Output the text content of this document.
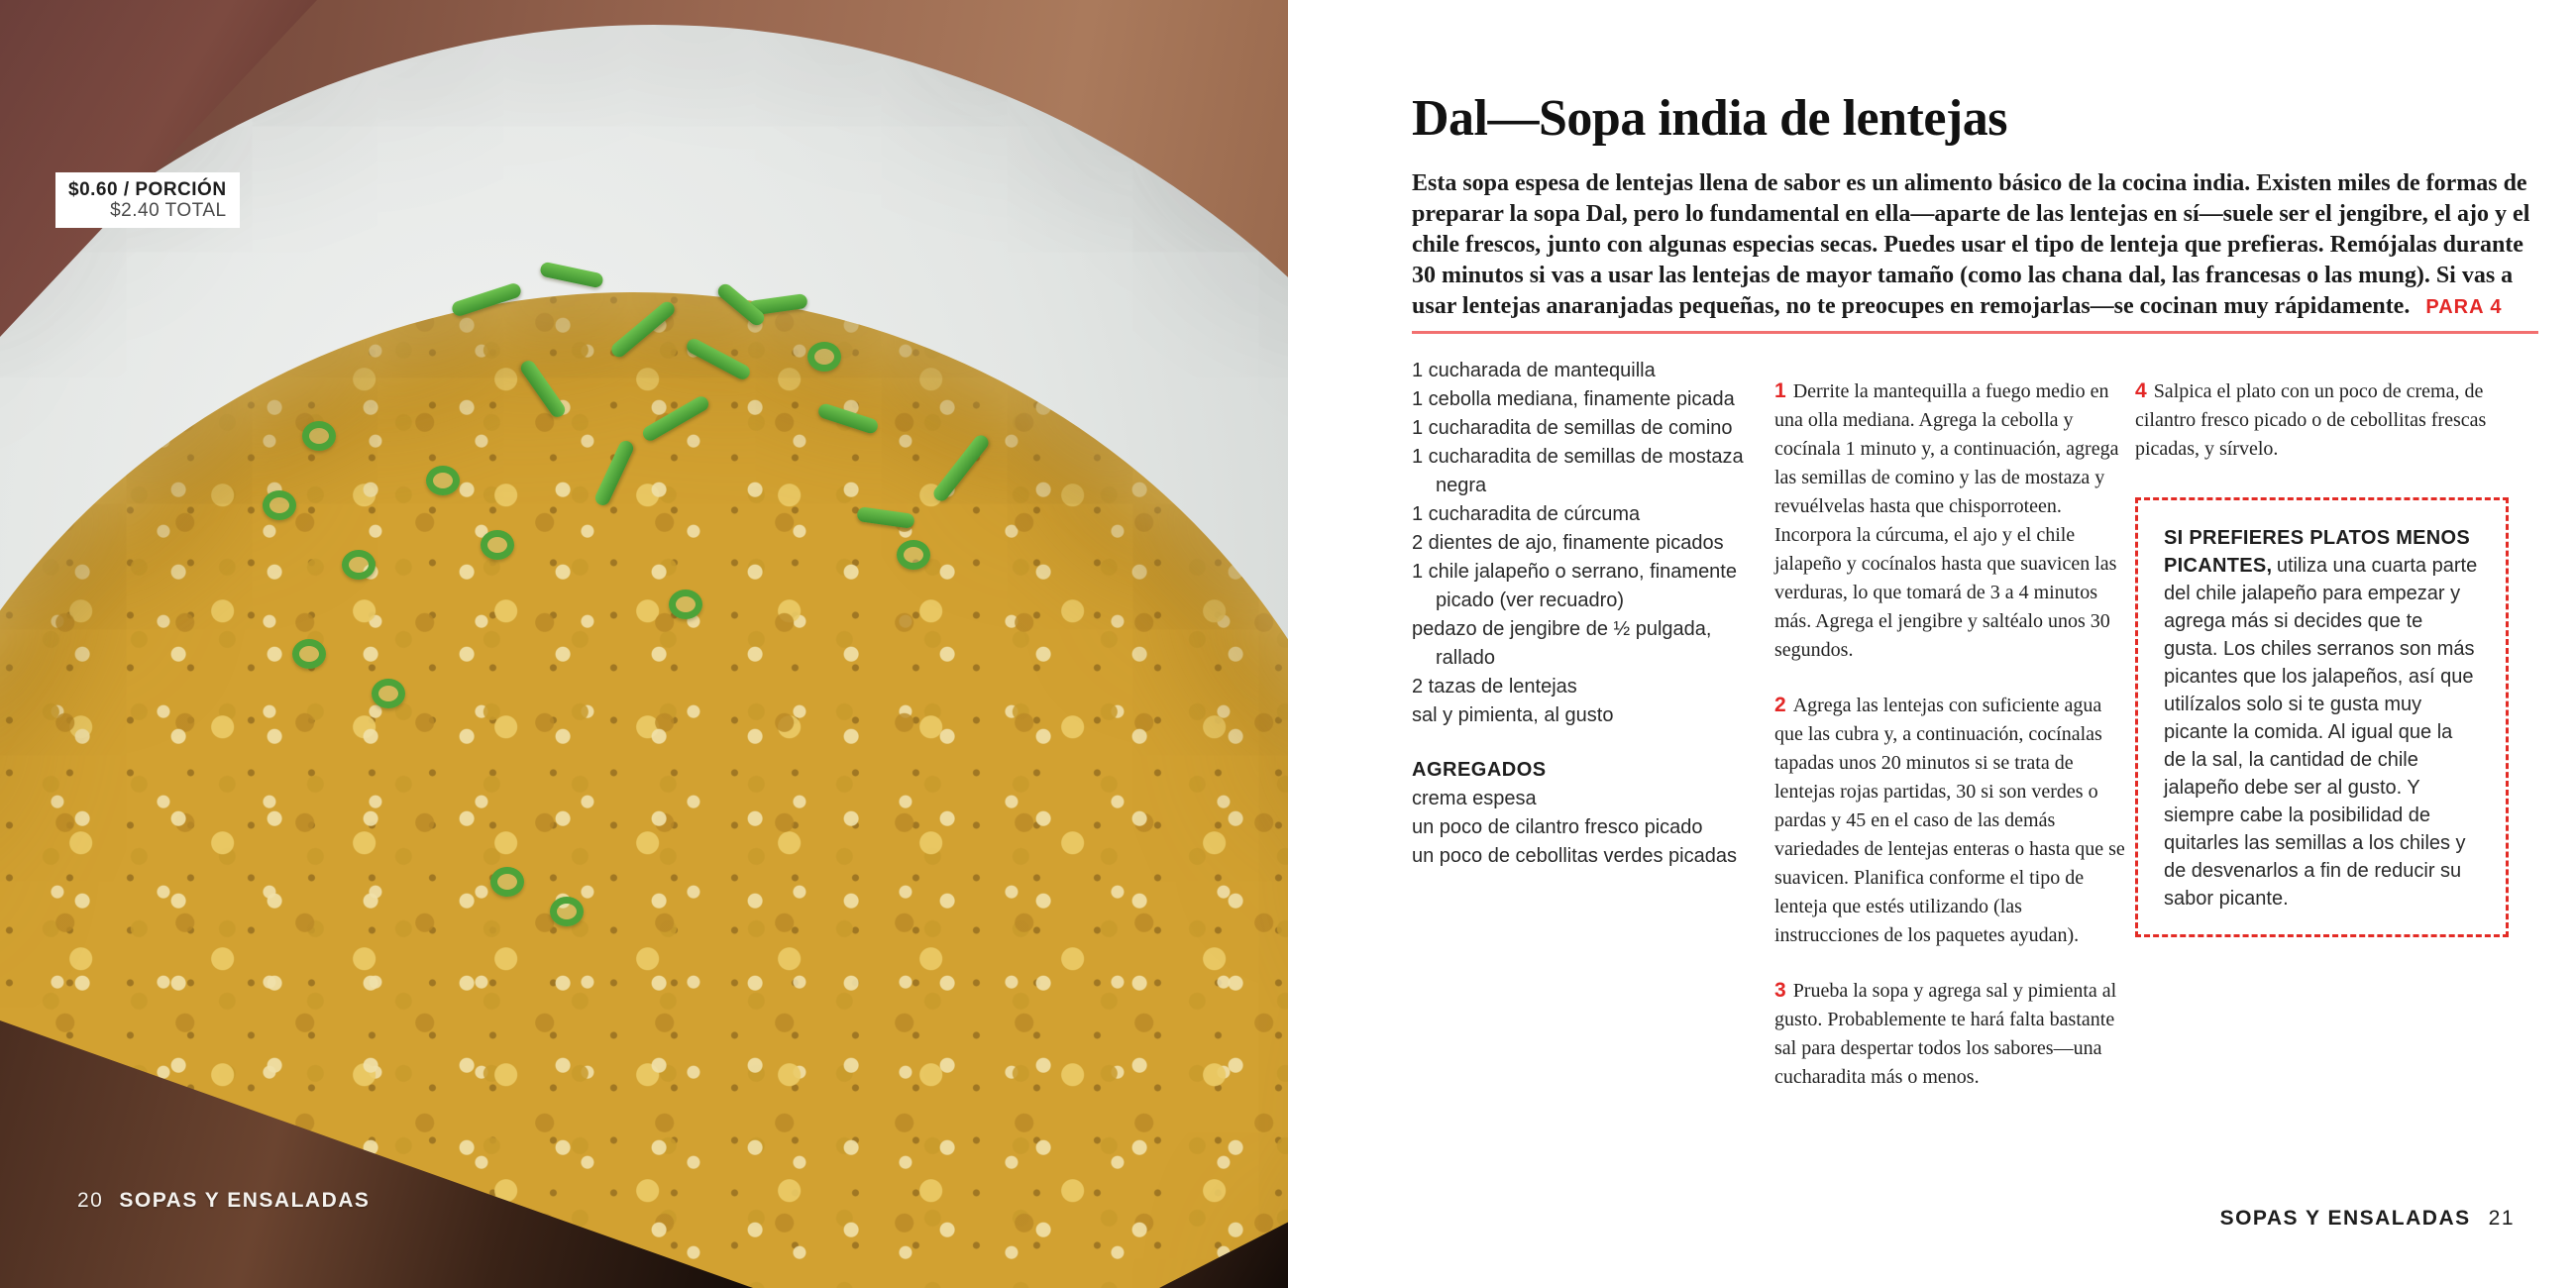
$0.60 / PORCIÓN
$2.40 TOTAL
20 SOPAS Y ENSALADAS
Dal—Sopa india de lentejas

Esta sopa espesa de lentejas llena de sabor es un alimento básico de la cocina india. Existen miles de formas de preparar la sopa Dal, pero lo fundamental en ella—aparte de las lentejas en sí—suele ser el jengibre, el ajo y el chile frescos, junto con algunas especias secas. Puedes usar el tipo de lenteja que prefieras. Remójalas durante 30 minutos si vas a usar las lentejas de mayor tamaño (como las chana dal, las francesas o las mung). Si vas a usar lentejas anaranjadas pequeñas, no te preocupes en remojarlas—se cocinan muy rápidamente. PARA 4

1 cucharada de mantequilla
1 cebolla mediana, finamente picada
1 cucharadita de semillas de comino
1 cucharadita de semillas de mostaza negra
1 cucharadita de cúrcuma
2 dientes de ajo, finamente picados
1 chile jalapeño o serrano, finamente picado (ver recuadro)
pedazo de jengibre de ½ pulgada, rallado
2 tazas de lentejas
sal y pimienta, al gusto
AGREGADOS
crema espesa
un poco de cilantro fresco picado
un poco de cebollitas verdes picadas

1 Derrite la mantequilla a fuego medio en una olla mediana. Agrega la cebolla y cocínala 1 minuto y, a continuación, agrega las semillas de comino y las de mostaza y revuélvelas hasta que chisporroteen. Incorpora la cúrcuma, el ajo y el chile jalapeño y cocínalos hasta que suavicen las verduras, lo que tomará de 3 a 4 minutos más. Agrega el jengibre y saltéalo unos 30 segundos.

2 Agrega las lentejas con suficiente agua que las cubra y, a continuación, cocínalas tapadas unos 20 minutos si se trata de lentejas rojas partidas, 30 si son verdes o pardas y 45 en el caso de las demás variedades de lentejas enteras o hasta que se suavicen. Planifica conforme el tipo de lenteja que estés utilizando (las instrucciones de los paquetes ayudan).

3 Prueba la sopa y agrega sal y pimienta al gusto. Probablemente te hará falta bastante sal para despertar todos los sabores—una cucharadita más o menos.

4 Salpica el plato con un poco de crema, de cilantro fresco picado o de cebollitas frescas picadas, y sírvelo.

SI PREFIERES PLATOS MENOS PICANTES, utiliza una cuarta parte del chile jalapeño para empezar y agrega más si decides que te gusta. Los chiles serranos son más picantes que los jalapeños, así que utilízalos solo si te gusta muy picante la comida. Al igual que la de la sal, la cantidad de chile jalapeño debe ser al gusto. Y siempre cabe la posibilidad de quitarles las semillas a los chiles y de desvenarlos a fin de reducir su sabor picante.
SOPAS Y ENSALADAS 21
